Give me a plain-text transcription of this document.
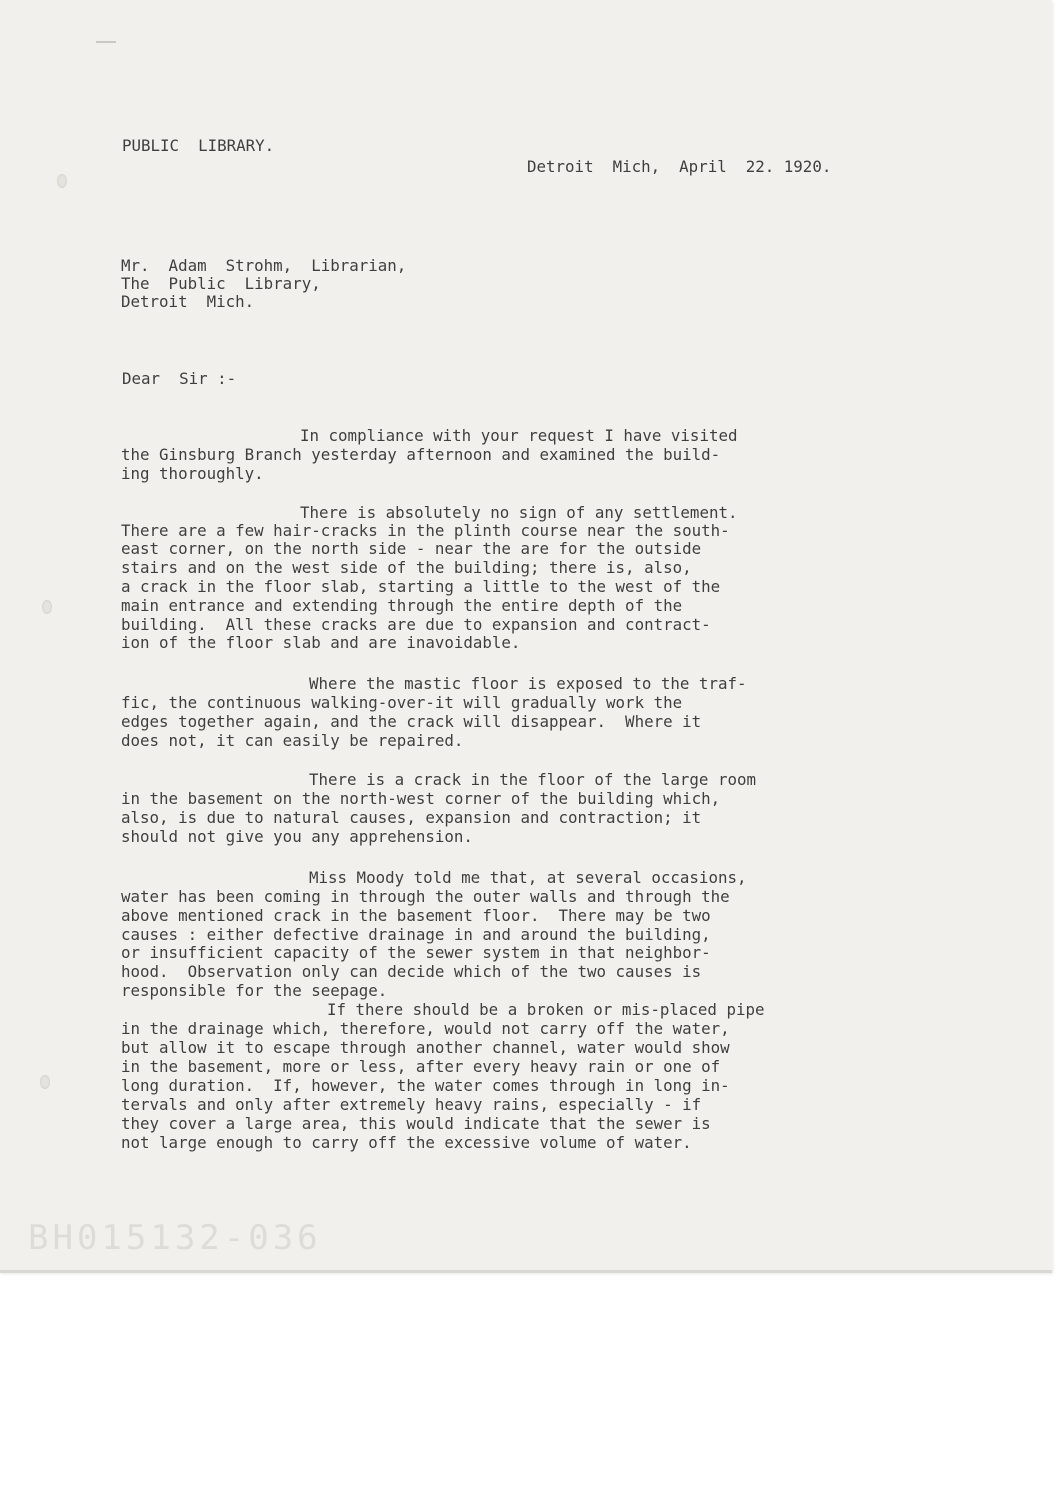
PUBLIC  LIBRARY.

Detroit  Mich,  April  22. 1920.

Mr.  Adam  Strohm,  Librarian,

The  Public  Library,

Detroit  Mich.

Dear  Sir :-

In compliance with your request I have visited

the Ginsburg Branch yesterday afternoon and examined the build-

ing thoroughly.

There is absolutely no sign of any settlement.

There are a few hair-cracks in the plinth course near the south-

east corner, on the north side - near the are for the outside

stairs and on the west side of the building; there is, also,

a crack in the floor slab, starting a little to the west of the

main entrance and extending through the entire depth of the

building.  All these cracks are due to expansion and contract-

ion of the floor slab and are inavoidable.

Where the mastic floor is exposed to the traf-

fic, the continuous walking-over-it will gradually work the

edges together again, and the crack will disappear.  Where it

does not, it can easily be repaired.

There is a crack in the floor of the large room

in the basement on the north-west corner of the building which,

also, is due to natural causes, expansion and contraction; it

should not give you any apprehension.

Miss Moody told me that, at several occasions,

water has been coming in through the outer walls and through the

above mentioned crack in the basement floor.  There may be two

causes : either defective drainage in and around the building,

or insufficient capacity of the sewer system in that neighbor-

hood.  Observation only can decide which of the two causes is

responsible for the seepage.

If there should be a broken or mis-placed pipe

in the drainage which, therefore, would not carry off the water,

but allow it to escape through another channel, water would show

in the basement, more or less, after every heavy rain or one of

long duration.  If, however, the water comes through in long in-

tervals and only after extremely heavy rains, especially - if

they cover a large area, this would indicate that the sewer is

not large enough to carry off the excessive volume of water.

BH015132-036
